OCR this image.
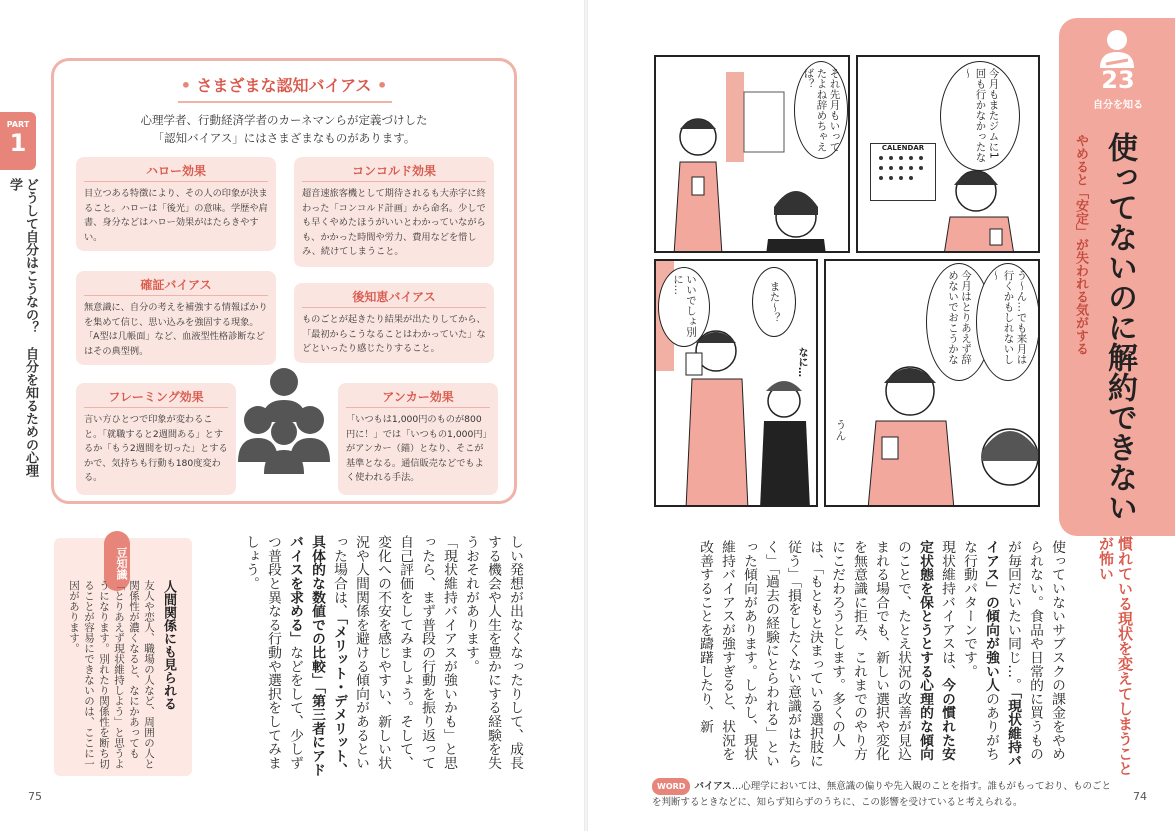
PART
1
どうして自分はこうなの？　自分を知るための心理学
• さまざまな認知バイアス •
心理学者、行動経済学者のカーネマンらが定義づけした
「認知バイアス」にはさまざまなものがあります。
ハロー効果
目立つある特徴により、その人の印象が決まること。ハローは「後光」の意味。学歴や肩書、身分などはハロー効果がはたらきやすい。
コンコルド効果
超音速旅客機として期待されるも大赤字に終わった「コンコルド計画」から命名。少しでも早くやめたほうがいいとわかっていながらも、かかった時間や労力、費用などを惜しみ、続けてしまうこと。
確証バイアス
無意識に、自分の考えを補強する情報ばかりを集めて信じ、思い込みを強固する現象。「A型は几帳面」など、血液型性格診断などはその典型例。
後知恵バイアス
ものごとが起きたり結果が出たりしてから、「最初からこうなることはわかっていた」などといったり感じたりすること。
フレーミング効果
言い方ひとつで印象が変わること。「就職すると2週間ある」とするか「もう2週間を切った」とするかで、気持ちも行動も180度変わる。
アンカー効果
「いつもは1,000円のものが800円に！」では「いつもの1,000円」がアンカー（錨）となり、そこが基準となる。通信販売などでもよく使われる手法。
豆知識
人間関係にも見られる
友人や恋人、職場の人など、周囲の人と関係性が濃くなると、なにかあっても「とりあえず現状維持しよう」と思うようになります。別れたり関係性を断ち切ることが容易にできないのは、ここに一因があります。	しい発想が出なくなったりして、成長する機会や人生を豊かにする経験を失うおそれがあります。
「現状維持バイアスが強いかも」と思ったら、まず普段の行動を振り返って自己評価をしてみましょう。そして、変化への不安を感じやすい、新しい状況や人間関係を避ける傾向があるといった場合は、「メリット・デメリット、具体的な数値での比較」「第三者にアドバイスを求める」などをして、少しずつ普段と異なる行動や選択をしてみましょう。
75
それ先月もいってたよね辞めちゃえば？
CALENDAR	今月もまたジムに1回も行かなかったな～
いいでしょ別に…	また～？
なに…	今月はとりあえず辞めないでおこうかな	う～ん…でも来月は行くかもしれないし～
うん
23
自分を知る
使ってないのに解約できない
やめると「安定」が失われる気がする
慣れている現状を変えてしまうことが怖い
使っていないサブスクの課金をやめられない。食品や日常的に買うものが毎回だいたい同じ…。「現状維持バイアス」の傾向が強い人のありがちな行動パターンです。
現状維持バイアスは、今の慣れた安定状態を保とうとする心理的な傾向のことで、たとえ状況の改善が見込まれる場合でも、新しい選択や変化を無意識に拒み、これまでのやり方にこだわろうとします。多くの人は、「もともと決まっている選択肢に従う」「損をしたくない意識がはたらく」「過去の経験にとらわれる」といった傾向があります。しかし、現状維持バイアスが強すぎると、状況を改善することを躊躇したり、新
WORD バイアス…心理学においては、無意識の偏りや先入観のことを指す。誰もがもっており、ものごとを判断するときなどに、知らず知らずのうちに、この影響を受けていると考えられる。	74
